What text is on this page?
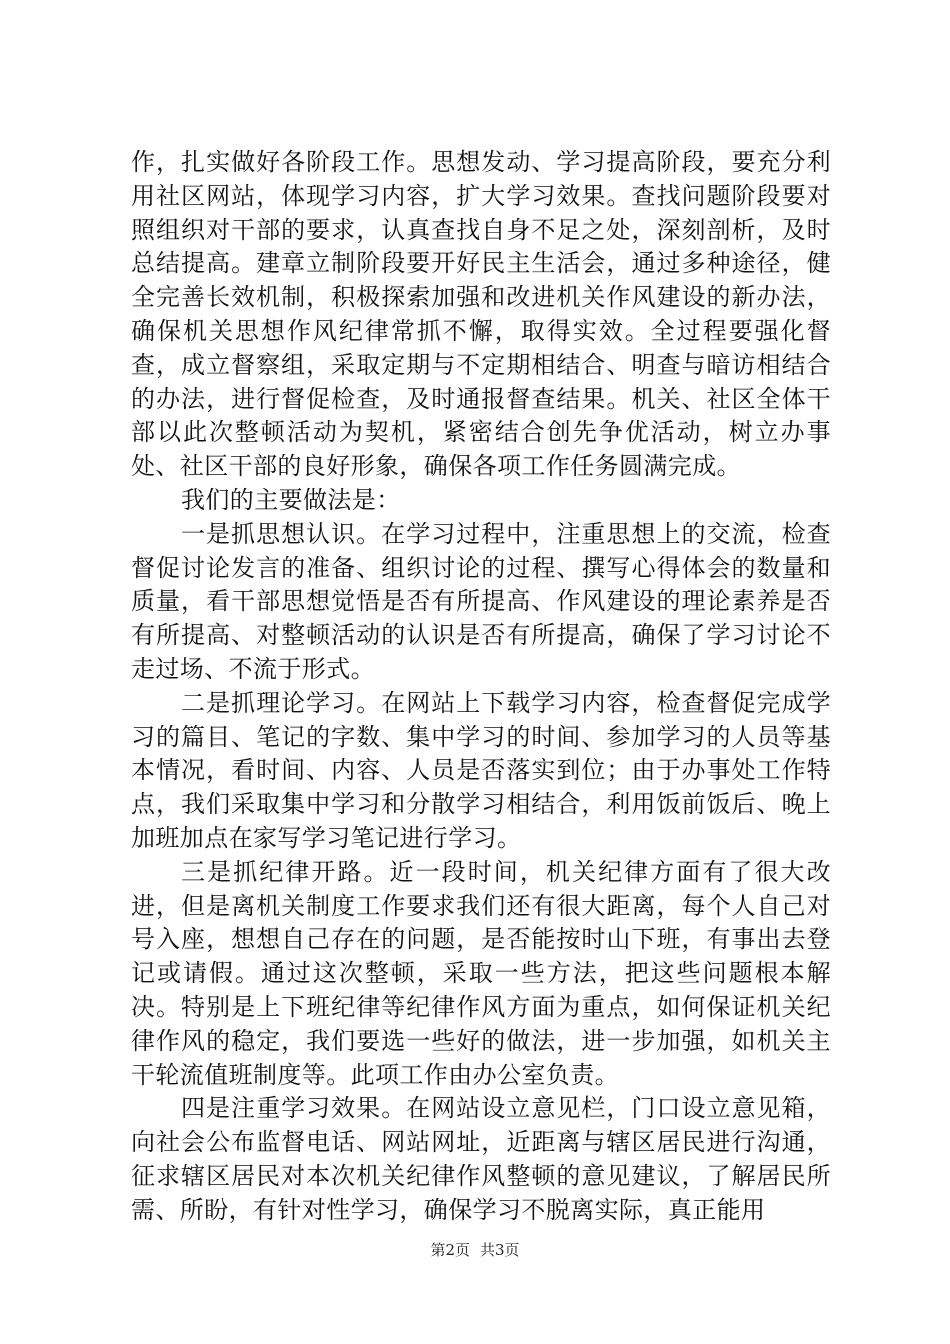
作，扎实做好各阶段工作。思想发动、学习提高阶段，要充分利用社区网站，体现学习内容，扩大学习效果。查找问题阶段要对照组织对干部的要求，认真查找自身不足之处，深刻剖析，及时总结提高。建章立制阶段要开好民主生活会，通过多种途径，健全完善长效机制，积极探索加强和改进机关作风建设的新办法，确保机关思想作风纪律常抓不懈，取得实效。全过程要强化督查，成立督察组，采取定期与不定期相结合、明查与暗访相结合的办法，进行督促检查，及时通报督查结果。机关、社区全体干部以此次整顿活动为契机，紧密结合创先争优活动，树立办事处、社区干部的良好形象，确保各项工作任务圆满完成。

我们的主要做法是：

一是抓思想认识。在学习过程中，注重思想上的交流，检查督促讨论发言的准备、组织讨论的过程、撰写心得体会的数量和质量，看干部思想觉悟是否有所提高、作风建设的理论素养是否有所提高、对整顿活动的认识是否有所提高，确保了学习讨论不走过场、不流于形式。

二是抓理论学习。在网站上下载学习内容，检查督促完成学习的篇目、笔记的字数、集中学习的时间、参加学习的人员等基本情况，看时间、内容、人员是否落实到位；由于办事处工作特点，我们采取集中学习和分散学习相结合，利用饭前饭后、晚上加班加点在家写学习笔记进行学习。

三是抓纪律开路。近一段时间，机关纪律方面有了很大改进，但是离机关制度工作要求我们还有很大距离，每个人自己对号入座，想想自己存在的问题，是否能按时山下班，有事出去登记或请假。通过这次整顿，采取一些方法，把这些问题根本解决。特别是上下班纪律等纪律作风方面为重点，如何保证机关纪律作风的稳定，我们要选一些好的做法，进一步加强，如机关主干轮流值班制度等。此项工作由办公室负责。

四是注重学习效果。在网站设立意见栏，门口设立意见箱，向社会公布监督电话、网站网址，近距离与辖区居民进行沟通，征求辖区居民对本次机关纪律作风整顿的意见建议，了解居民所需、所盼，有针对性学习，确保学习不脱离实际，真正能用

第2页 共3页
